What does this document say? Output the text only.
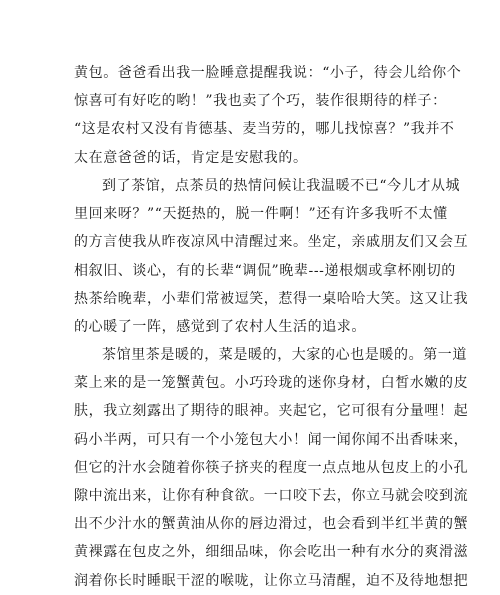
黄包。爸爸看出我一脸睡意提醒我说：“小子，待会儿给你个
惊喜可有好吃的哟！”我也卖了个巧，装作很期待的样子：
“这是农村又没有肯德基、麦当劳的，哪儿找惊喜？”我并不
太在意爸爸的话，肯定是安慰我的。
到了茶馆，点茶员的热情问候让我温暖不已“今儿才从城
里回来呀？”“天挺热的，脱一件啊！”还有许多我听不太懂
的方言使我从昨夜凉风中清醒过来。坐定，亲戚朋友们又会互
相叙旧、谈心，有的长辈“调侃”晚辈---递根烟或拿杯刚切的
热茶给晚辈，小辈们常被逗笑，惹得一桌哈哈大笑。这又让我
的心暖了一阵，感觉到了农村人生活的追求。
茶馆里茶是暖的，菜是暖的，大家的心也是暖的。第一道
菜上来的是一笼蟹黄包。小巧玲珑的迷你身材，白皙水嫩的皮
肤，我立刻露出了期待的眼神。夹起它，它可很有分量哩！起
码小半两，可只有一个小笼包大小！闻一闻你闻不出香味来，
但它的汁水会随着你筷子挤夹的程度一点点地从包皮上的小孔
隙中流出来，让你有种食欲。一口咬下去，你立马就会咬到流
出不少汁水的蟹黄油从你的唇边滑过，也会看到半红半黄的蟹
黄裸露在包皮之外，细细品味，你会吃出一种有水分的爽滑滋
润着你长时睡眠干涩的喉咙，让你立马清醒，迫不及待地想把
